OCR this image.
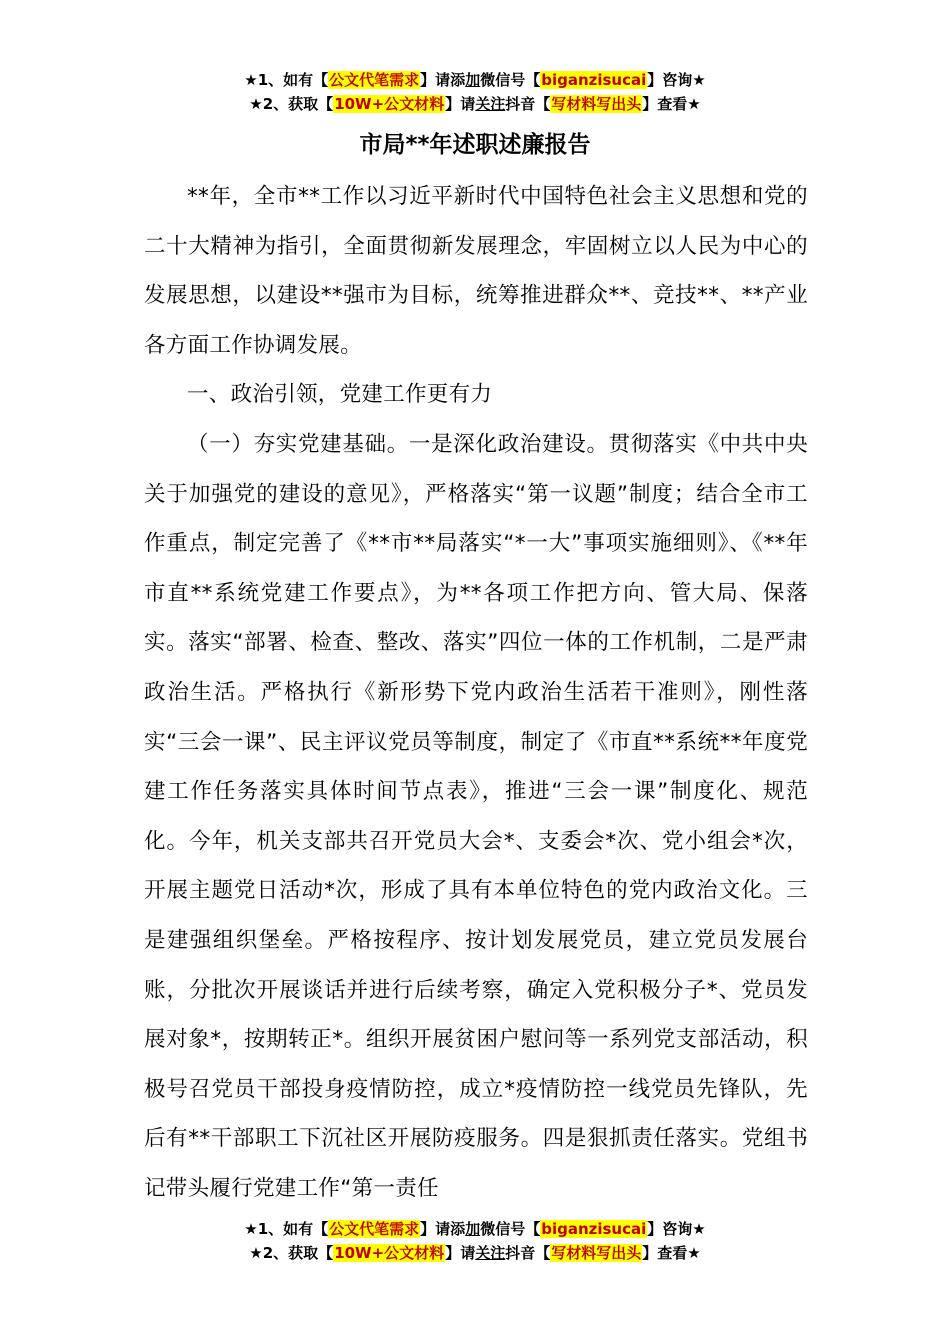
★1、如有【公文代笔需求】请添加微信号【biganzisucai】咨询★
★2、获取【10W+公文材料】请关注抖音【写材料写出头】查看★
市局**年述职述廉报告

**年，全市**工作以习近平新时代中国特色社会主义思想和党的二十大精神为指引，全面贯彻新发展理念，牢固树立以人民为中心的发展思想，以建设**强市为目标，统筹推进群众**、竞技**、**产业各方面工作协调发展。

一、政治引领，党建工作更有力

（一）夯实党建基础。一是深化政治建设。贯彻落实《中共中央关于加强党的建设的意见》，严格落实“第一议题”制度；结合全市工作重点，制定完善了《**市**局落实“*一大”事项实施细则》、《**年市直**系统党建工作要点》，为**各项工作把方向、管大局、保落实。落实“部署、检查、整改、落实”四位一体的工作机制，二是严肃政治生活。严格执行《新形势下党内政治生活若干准则》，刚性落实“三会一课”、民主评议党员等制度，制定了《市直**系统**年度党建工作任务落实具体时间节点表》，推进“三会一课”制度化、规范化。今年，机关支部共召开党员大会*、支委会*次、党小组会*次，开展主题党日活动*次，形成了具有本单位特色的党内政治文化。三是建强组织堡垒。严格按程序、按计划发展党员，建立党员发展台账，分批次开展谈话并进行后续考察，确定入党积极分子*、党员发展对象*，按期转正*。组织开展贫困户慰问等一系列党支部活动，积极号召党员干部投身疫情防控，成立*疫情防控一线党员先锋队，先后有**干部职工下沉社区开展防疫服务。四是狠抓责任落实。党组书记带头履行党建工作“第一责任

★1、如有【公文代笔需求】请添加微信号【biganzisucai】咨询★
★2、获取【10W+公文材料】请关注抖音【写材料写出头】查看★
